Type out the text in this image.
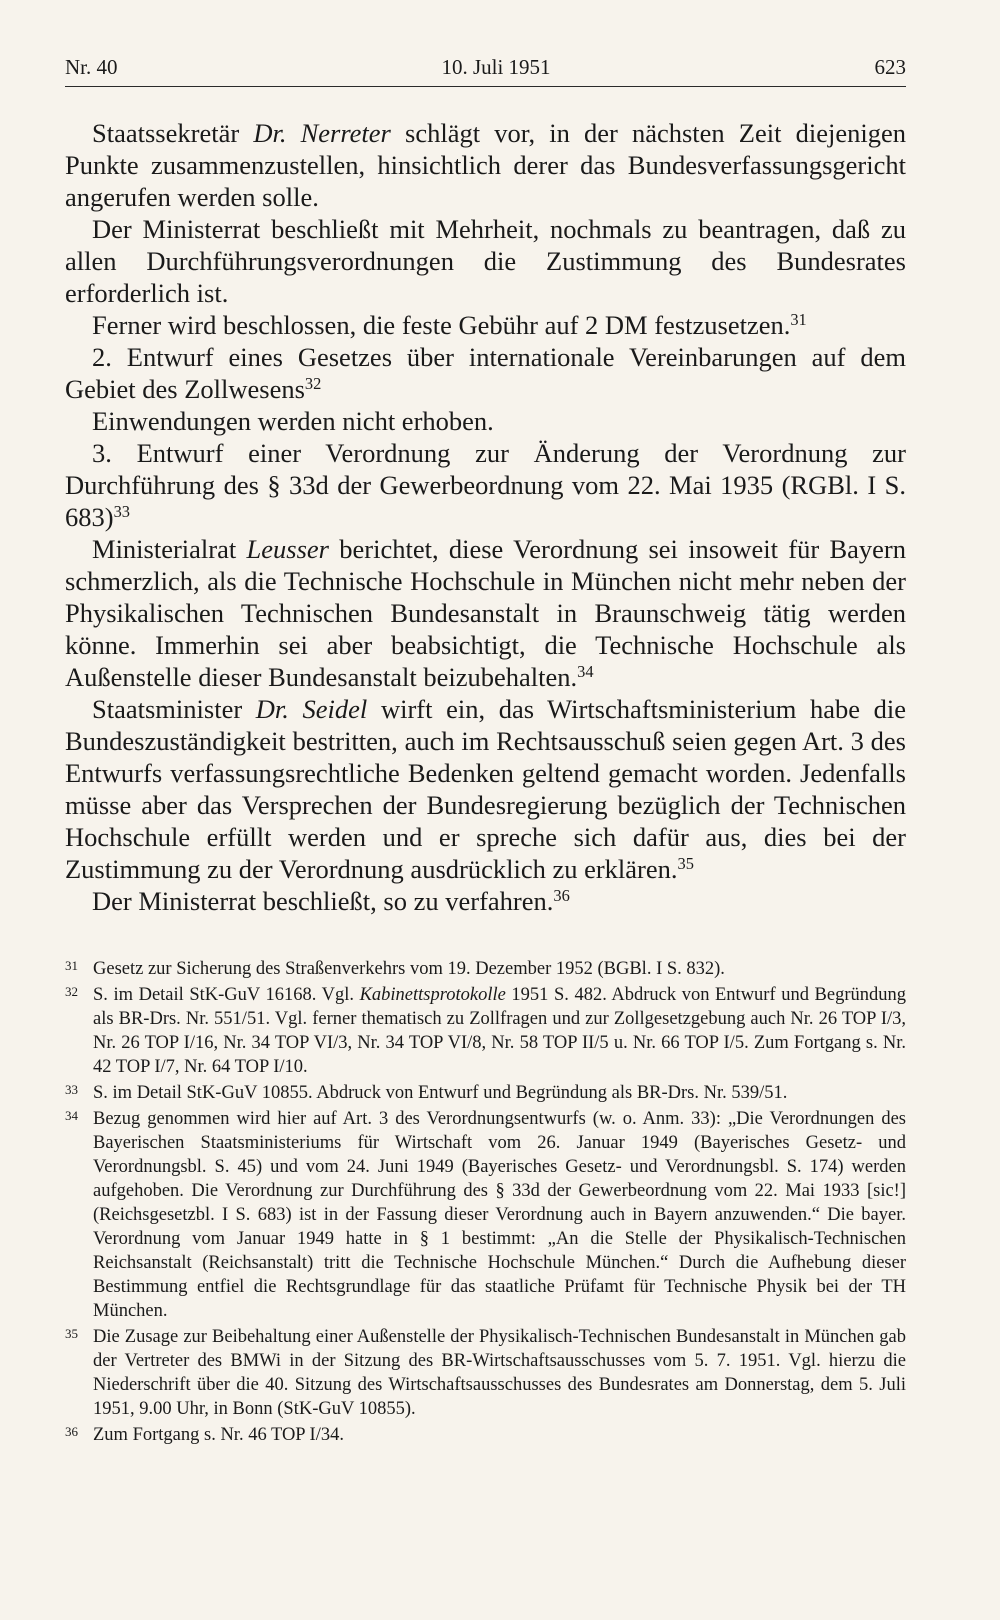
Nr. 40	10. Juli 1951	623

Staatssekretär Dr. Nerreter schlägt vor, in der nächsten Zeit diejenigen Punkte zusammenzustellen, hinsichtlich derer das Bundesverfassungsgericht angerufen werden solle.

Der Ministerrat beschließt mit Mehrheit, nochmals zu beantragen, daß zu allen Durchführungsverordnungen die Zustimmung des Bundesrates erforderlich ist.

Ferner wird beschlossen, die feste Gebühr auf 2 DM festzusetzen.$^{31}$

2. Entwurf eines Gesetzes über internationale Vereinbarungen auf dem Gebiet des Zollwesens$^{32}$

Einwendungen werden nicht erhoben.

3. Entwurf einer Verordnung zur Änderung der Verordnung zur Durchführung des § 33d der Gewerbeordnung vom 22. Mai 1935 (RGBl. I S. 683)$^{33}$

Ministerialrat Leusser berichtet, diese Verordnung sei insoweit für Bayern schmerzlich, als die Technische Hochschule in München nicht mehr neben der Physikalischen Technischen Bundesanstalt in Braunschweig tätig werden könne. Immerhin sei aber beabsichtigt, die Technische Hochschule als Außenstelle dieser Bundesanstalt beizubehalten.$^{34}$

Staatsminister Dr. Seidel wirft ein, das Wirtschaftsministerium habe die Bundeszuständigkeit bestritten, auch im Rechtsausschuß seien gegen Art. 3 des Entwurfs verfassungsrechtliche Bedenken geltend gemacht worden. Jedenfalls müsse aber das Versprechen der Bundesregierung bezüglich der Technischen Hochschule erfüllt werden und er spreche sich dafür aus, dies bei der Zustimmung zu der Verordnung ausdrücklich zu erklären.$^{35}$

Der Ministerrat beschließt, so zu verfahren.$^{36}$

31 Gesetz zur Sicherung des Straßenverkehrs vom 19. Dezember 1952 (BGBl. I S. 832).
32 S. im Detail StK-GuV 16168. Vgl. Kabinettsprotokolle 1951 S. 482. Abdruck von Entwurf und Begründung als BR-Drs. Nr. 551/51. Vgl. ferner thematisch zu Zollfragen und zur Zollgesetzgebung auch Nr. 26 TOP I/3, Nr. 26 TOP I/16, Nr. 34 TOP VI/3, Nr. 34 TOP VI/8, Nr. 58 TOP II/5 u. Nr. 66 TOP I/5. Zum Fortgang s. Nr. 42 TOP I/7, Nr. 64 TOP I/10.
33 S. im Detail StK-GuV 10855. Abdruck von Entwurf und Begründung als BR-Drs. Nr. 539/51.
34 Bezug genommen wird hier auf Art. 3 des Verordnungsentwurfs (w. o. Anm. 33): „Die Verordnungen des Bayerischen Staatsministeriums für Wirtschaft vom 26. Januar 1949 (Bayerisches Gesetz- und Verordnungsbl. S. 45) und vom 24. Juni 1949 (Bayerisches Gesetz- und Verordnungsbl. S. 174) werden aufgehoben. Die Verordnung zur Durchführung des § 33d der Gewerbeordnung vom 22. Mai 1933 [sic!] (Reichsgesetzbl. I S. 683) ist in der Fassung dieser Verordnung auch in Bayern anzuwenden.“ Die bayer. Verordnung vom Januar 1949 hatte in § 1 bestimmt: „An die Stelle der Physikalisch-Technischen Reichsanstalt (Reichsanstalt) tritt die Technische Hochschule München.“ Durch die Aufhebung dieser Bestimmung entfiel die Rechtsgrundlage für das staatliche Prüfamt für Technische Physik bei der TH München.
35 Die Zusage zur Beibehaltung einer Außenstelle der Physikalisch-Technischen Bundesanstalt in München gab der Vertreter des BMWi in der Sitzung des BR-Wirtschaftsausschusses vom 5. 7. 1951. Vgl. hierzu die Niederschrift über die 40. Sitzung des Wirtschaftsausschusses des Bundesrates am Donnerstag, dem 5. Juli 1951, 9.00 Uhr, in Bonn (StK-GuV 10855).
36 Zum Fortgang s. Nr. 46 TOP I/34.
